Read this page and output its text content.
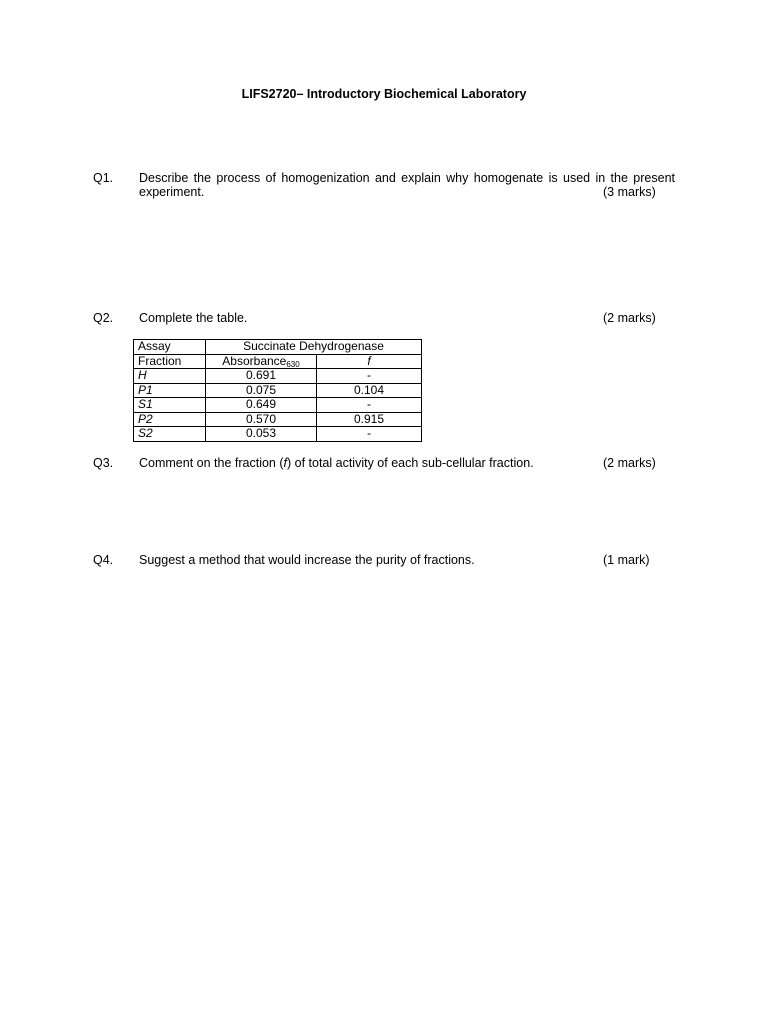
LIFS2720– Introductory Biochemical Laboratory
Q1. Describe the process of homogenization and explain why homogenate is used in the present
experiment.	(3 marks)
Q2. Complete the table.	(2 marks)
Assay	Succinate Dehydrogenase	
Fraction	Absorbance$_{630}$	f
H	0.691	-
P1	0.075	0.104
S1	0.649	-
P2	0.570	0.915
S2	0.053	-
Q3. Comment on the fraction (f) of total activity of each sub-cellular fraction.	(2 marks)
Q4. Suggest a method that would increase the purity of fractions.	(1 mark)
